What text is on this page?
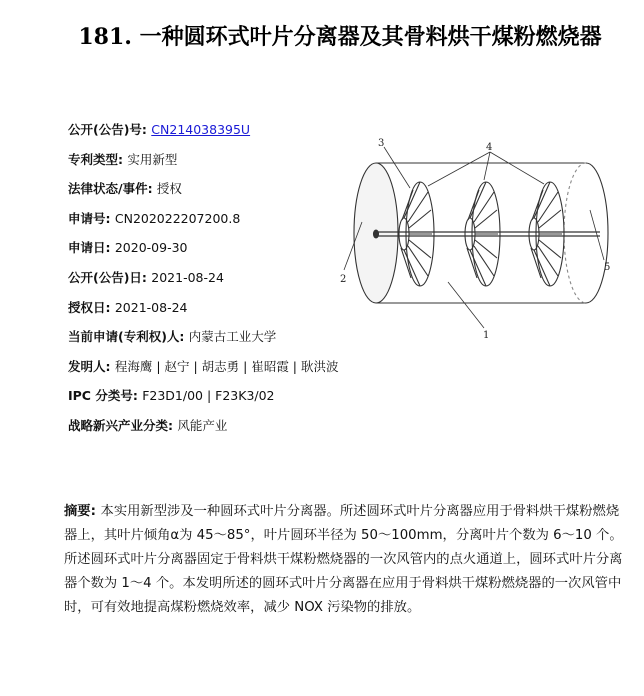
181. 一种圆环式叶片分离器及其骨料烘干煤粉燃烧器
公开(公告)号: CN214038395U
专利类型: 实用新型
法律状态/事件: 授权
申请号: CN202022207200.8
申请日: 2020-09-30
公开(公告)日: 2021-08-24
授权日: 2021-08-24
当前申请(专利权)人: 内蒙古工业大学
发明人: 程海鹰 | 赵宁 | 胡志勇 | 崔昭霞 | 耿洪波
IPC 分类号: F23D1/00 | F23K3/02
战略新兴产业分类: 风能产业
3	4
2
5
1
摘要: 本实用新型涉及一种圆环式叶片分离器。所述圆环式叶片分离器应用于骨料烘干煤粉燃烧器上，其叶片倾角α为 45～85°，叶片圆环半径为 50～100mm，分离叶片个数为 6～10 个。所述圆环式叶片分离器固定于骨料烘干煤粉燃烧器的一次风管内的点火通道上，圆环式叶片分离器个数为 1～4 个。本发明所述的圆环式叶片分离器在应用于骨料烘干煤粉燃烧器的一次风管中时，可有效地提高煤粉燃烧效率，减少 NOX 污染物的排放。
